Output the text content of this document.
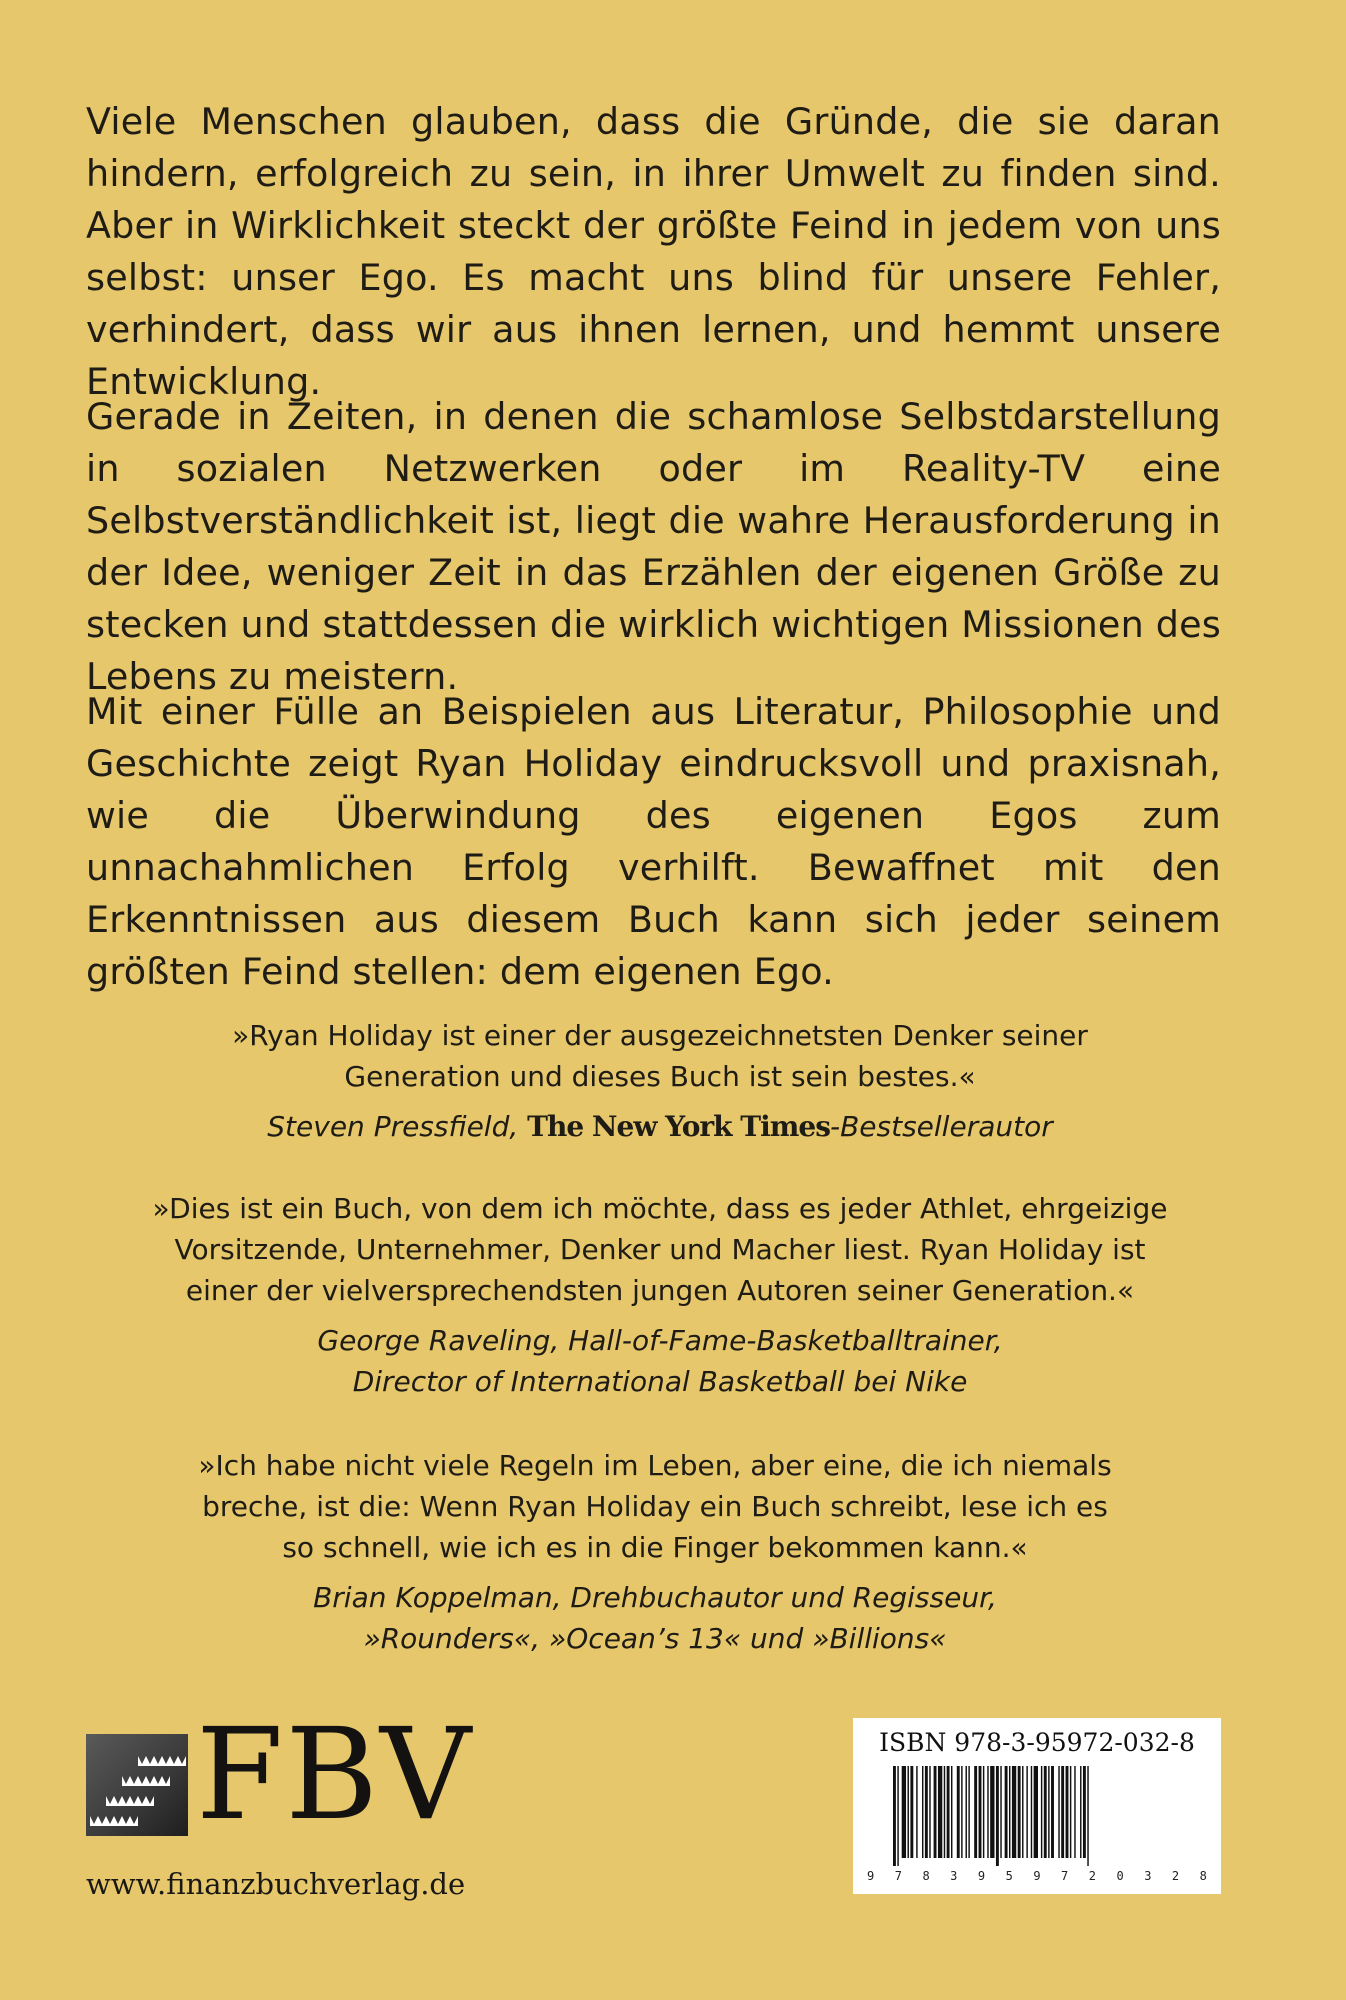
Viele Menschen glauben, dass die Gründe, die sie daran hindern, erfolgreich zu sein, in ihrer Umwelt zu finden sind. Aber in Wirklichkeit steckt der größte Feind in jedem von uns selbst: unser Ego. Es macht uns blind für unsere Fehler, verhindert, dass wir aus ihnen lernen, und hemmt unsere Entwicklung.
Gerade in Zeiten, in denen die schamlose Selbstdarstellung in sozialen Netzwerken oder im Reality-TV eine Selbstverständlichkeit ist, liegt die wahre Herausforderung in der Idee, weniger Zeit in das Erzählen der eigenen Größe zu stecken und stattdessen die wirklich wichtigen Missionen des Lebens zu meistern.
Mit einer Fülle an Beispielen aus Literatur, Philosophie und Geschichte zeigt Ryan Holiday eindrucksvoll und praxisnah, wie die Überwindung des eigenen Egos zum unnachahmlichen Erfolg verhilft. Bewaffnet mit den Erkenntnissen aus diesem Buch kann sich jeder seinem größten Feind stellen: dem eigenen Ego.
»Ryan Holiday ist einer der ausgezeichnetsten Denker seiner
Generation und dieses Buch ist sein bestes.«
Steven Pressfield, The New York Times-Bestsellerautor
»Dies ist ein Buch, von dem ich möchte, dass es jeder Athlet, ehrgeizige
Vorsitzende, Unternehmer, Denker und Macher liest. Ryan Holiday ist
einer der vielversprechendsten jungen Autoren seiner Generation.«
George Raveling, Hall-of-Fame-Basketballtrainer,
Director of International Basketball bei Nike
»Ich habe nicht viele Regeln im Leben, aber eine, die ich niemals
breche, ist die: Wenn Ryan Holiday ein Buch schreibt, lese ich es
so schnell, wie ich es in die Finger bekommen kann.«
Brian Koppelman, Drehbuchautor und Regisseur,
»Rounders«, »Ocean’s 13« und »Billions«
FBV
www.finanzbuchverlag.de
ISBN 978-3-95972-032-8
9 7 8 3 9 5 9 7 2 0 3 2 8
